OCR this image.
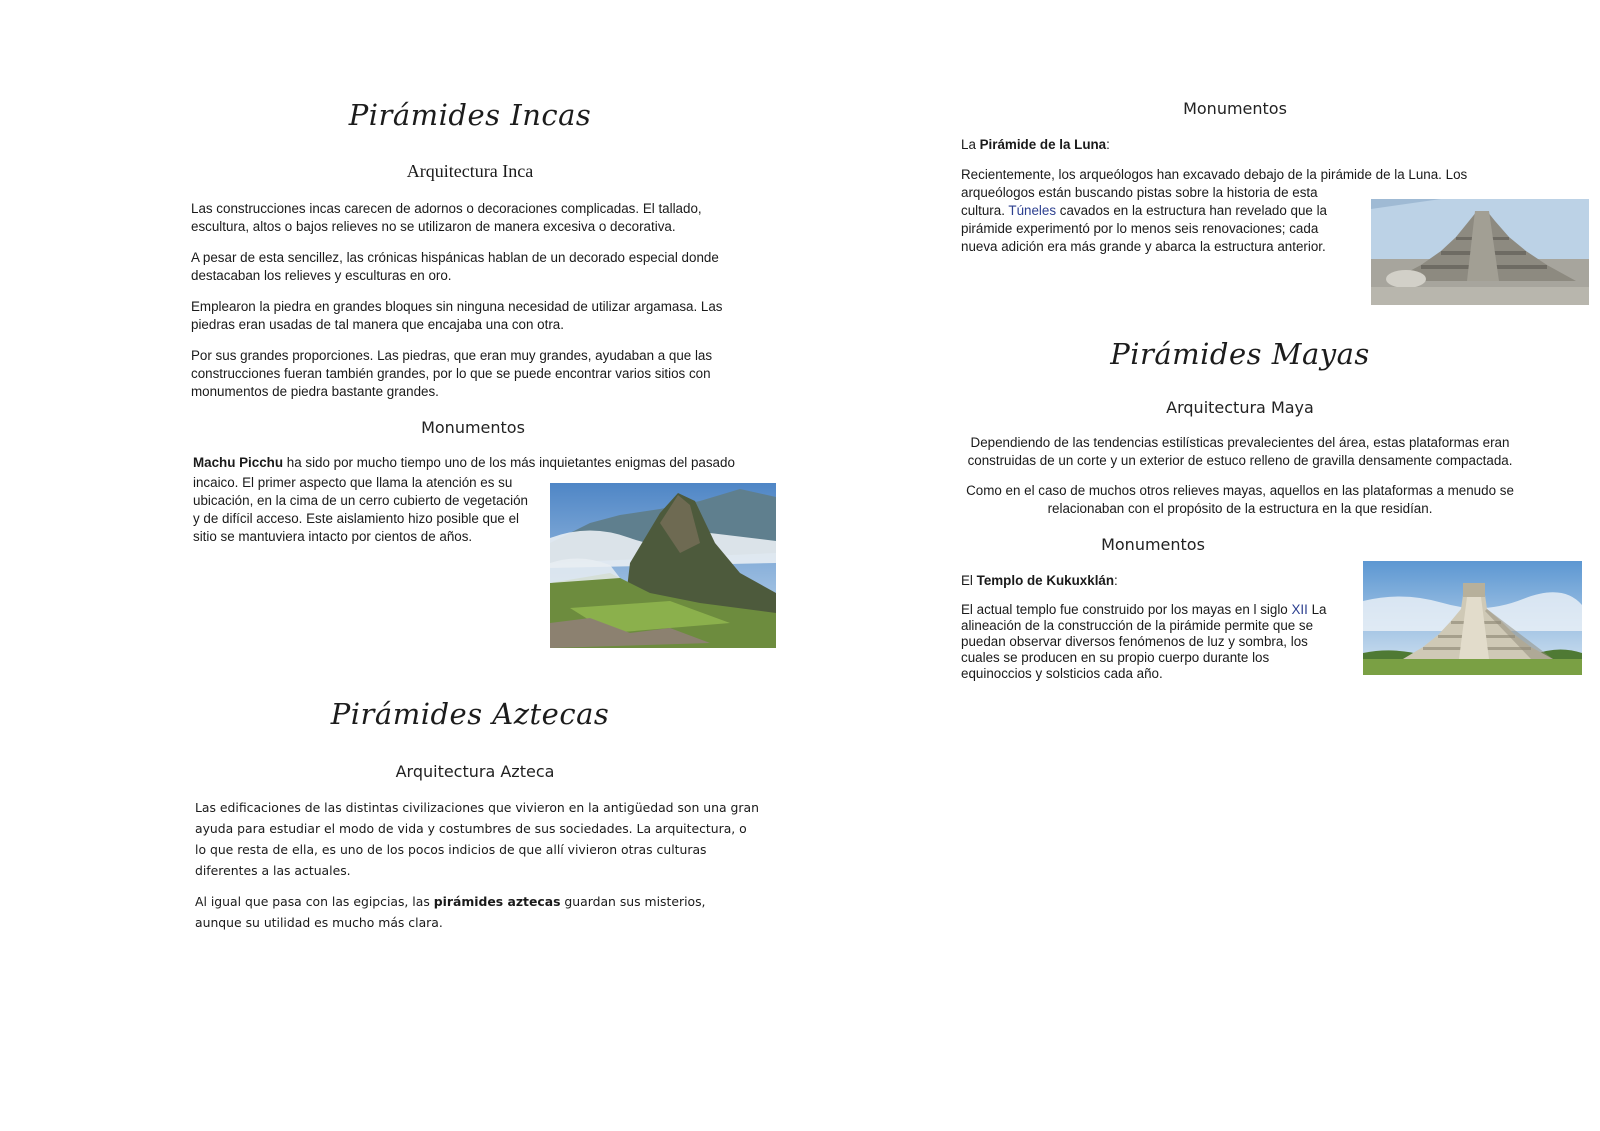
Pirámides Incas
Arquitectura Inca

Las construcciones incas carecen de adornos o decoraciones complicadas. El tallado, escultura, altos o bajos relieves no se utilizaron de manera excesiva o decorativa.

A pesar de esta sencillez, las crónicas hispánicas hablan de un decorado especial donde destacaban los relieves y esculturas en oro.

Emplearon la piedra en grandes bloques sin ninguna necesidad de utilizar argamasa. Las piedras eran usadas de tal manera que encajaba una con otra.

Por sus grandes proporciones. Las piedras, que eran muy grandes, ayudaban a que las construcciones fueran también grandes, por lo que se puede encontrar varios sitios con monumentos de piedra bastante grandes.

Monumentos

Machu Picchu ha sido por mucho tiempo uno de los más inquietantes enigmas del pasado

incaico. El primer aspecto que llama la atención es su ubicación, en la cima de un cerro cubierto de vegetación y de difícil acceso. Este aislamiento hizo posible que el sitio se mantuviera intacto por cientos de años.

Pirámides Aztecas
Arquitectura Azteca

Las edificaciones de las distintas civilizaciones que vivieron en la antigüedad son una gran ayuda para estudiar el modo de vida y costumbres de sus sociedades. La arquitectura, o lo que resta de ella, es uno de los pocos indicios de que allí vivieron otras culturas diferentes a las actuales.

Al igual que pasa con las egipcias, las pirámides aztecas guardan sus misterios, aunque su utilidad es mucho más clara.

Monumentos

La Pirámide de la Luna:

Recientemente, los arqueólogos han excavado debajo de la pirámide de la Luna. Los

arqueólogos están buscando pistas sobre la historia de esta cultura. Túneles cavados en la estructura han revelado que la pirámide experimentó por lo menos seis renovaciones; cada nueva adición era más grande y abarca la estructura anterior.

Pirámides Mayas
Arquitectura Maya

Dependiendo de las tendencias estilísticas prevalecientes del área, estas plataformas eran construidas de un corte y un exterior de estuco relleno de gravilla densamente compactada.

Como en el caso de muchos otros relieves mayas, aquellos en las plataformas a menudo se relacionaban con el propósito de la estructura en la que residían.

Monumentos

El Templo de Kukuxklán:

El actual templo fue construido por los mayas en l siglo XII La alineación de la construcción de la pirámide permite que se puedan observar diversos fenómenos de luz y sombra, los cuales se producen en su propio cuerpo durante los equinoccios y solsticios cada año.
